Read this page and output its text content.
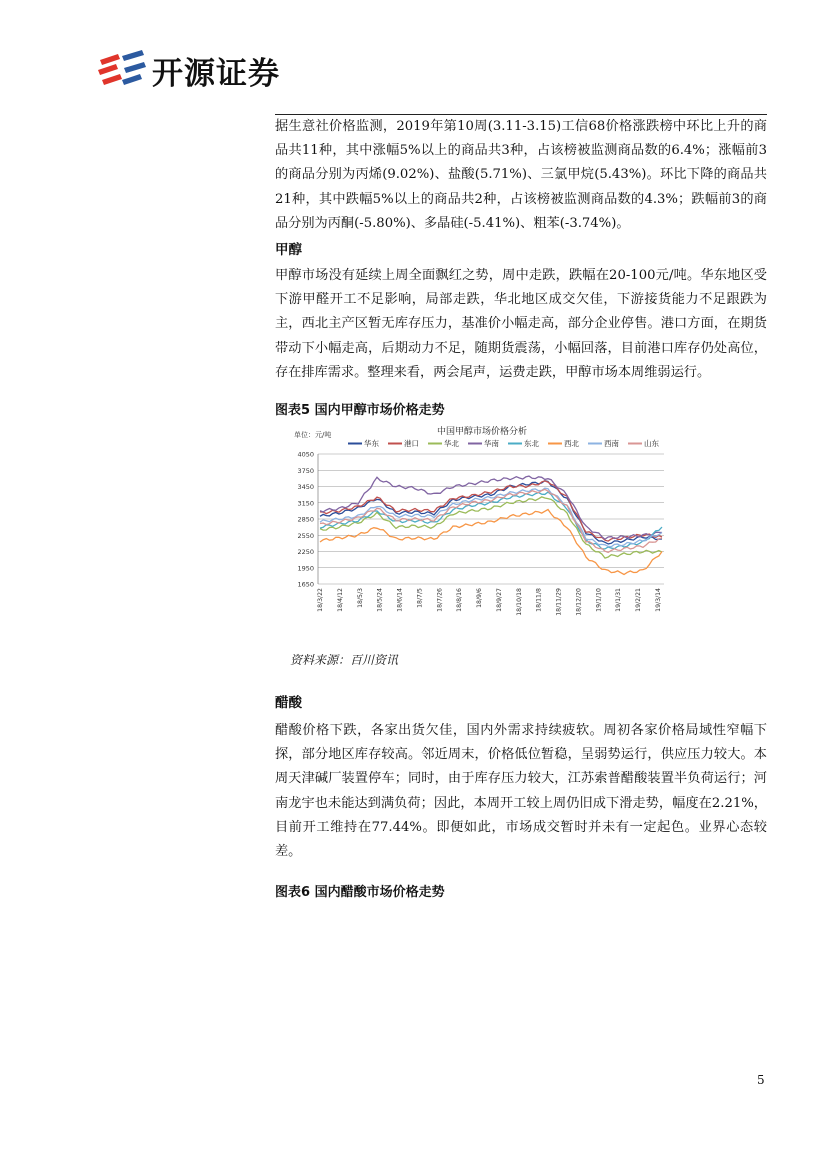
开源证券

据生意社价格监测，2019年第10周(3.11-3.15)工信68价格涨跌榜中环比上升的商品共11种，其中涨幅5%以上的商品共3种，占该榜被监测商品数的6.4%；涨幅前3的商品分别为丙烯(9.02%)、盐酸(5.71%)、三氯甲烷(5.43%)。环比下降的商品共21种，其中跌幅5%以上的商品共2种，占该榜被监测商品数的4.3%；跌幅前3的商品分别为丙酮(-5.80%)、多晶硅(-5.41%)、粗苯(-3.74%)。

甲醇

甲醇市场没有延续上周全面飘红之势，周中走跌，跌幅在20-100元/吨。华东地区受下游甲醛开工不足影响，局部走跌，华北地区成交欠佳，下游接货能力不足跟跌为主，西北主产区暂无库存压力，基准价小幅走高，部分企业停售。港口方面，在期货带动下小幅走高，后期动力不足，随期货震荡，小幅回落，目前港口库存仍处高位，存在排库需求。整理来看，两会尾声，运费走跌，甲醇市场本周维弱运行。

图表5 国内甲醇市场价格走势

中国甲醇市场价格分析
单位：元/吨
华东	港口	华北	华南	东北	西北	西南	山东
4050
3750
3450
3150
2850
2550
2250
1950
1650
18/3/22 18/4/12 18/5/3 18/5/24 18/6/14 18/7/5 18/7/26 18/8/16 18/9/6 18/9/27 18/10/18 18/11/8 18/11/29 18/12/20 19/1/10 19/1/31 19/2/21 19/3/14

资料来源：百川资讯

醋酸

醋酸价格下跌，各家出货欠佳，国内外需求持续疲软。周初各家价格局域性窄幅下探，部分地区库存较高。邻近周末，价格低位暂稳，呈弱势运行，供应压力较大。本周天津碱厂装置停车；同时，由于库存压力较大，江苏索普醋酸装置半负荷运行；河南龙宇也未能达到满负荷；因此，本周开工较上周仍旧成下滑走势，幅度在2.21%，目前开工维持在77.44%。即便如此，市场成交暂时并未有一定起色。业界心态较差。

图表6 国内醋酸市场价格走势

5
